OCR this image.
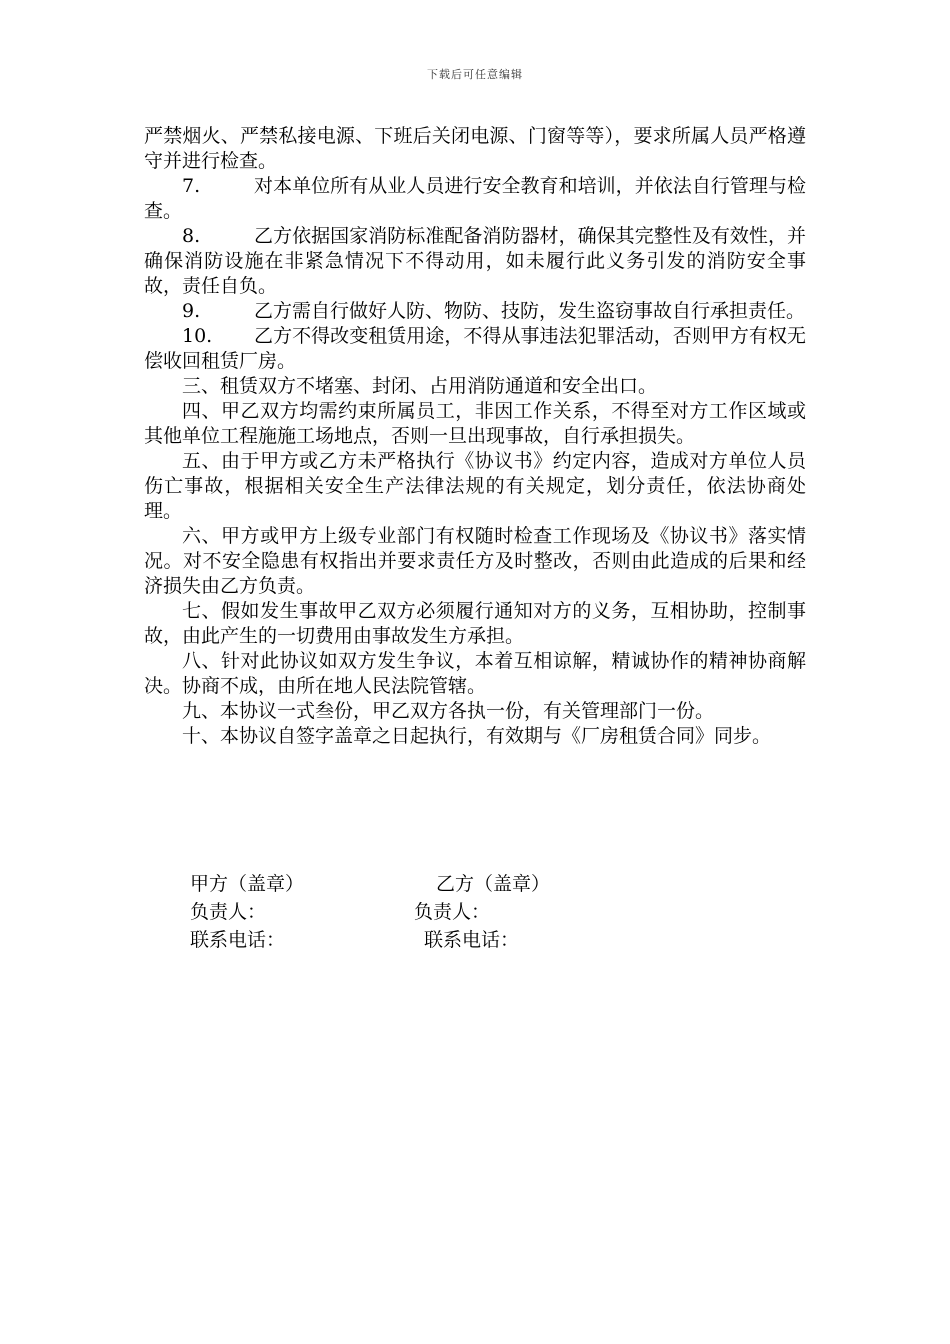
下载后可任意编辑

严禁烟火、严禁私接电源、下班后关闭电源、门窗等等），要求所属人员严格遵守并进行检查。

7.	对本单位所有从业人员进行安全教育和培训，并依法自行管理与检查。

8.	乙方依据国家消防标准配备消防器材，确保其完整性及有效性，并确保消防设施在非紧急情况下不得动用，如未履行此义务引发的消防安全事故，责任自负。

9.	乙方需自行做好人防、物防、技防，发生盗窃事故自行承担责任。

10. 乙方不得改变租赁用途，不得从事违法犯罪活动，否则甲方有权无偿收回租赁厂房。

三、租赁双方不堵塞、封闭、占用消防通道和安全出口。

四、甲乙双方均需约束所属员工，非因工作关系，不得至对方工作区域或其他单位工程施施工场地点，否则一旦出现事故，自行承担损失。

五、由于甲方或乙方未严格执行《协议书》约定内容，造成对方单位人员伤亡事故，根据相关安全生产法律法规的有关规定，划分责任，依法协商处理。

六、甲方或甲方上级专业部门有权随时检查工作现场及《协议书》落实情况。对不安全隐患有权指出并要求责任方及时整改，否则由此造成的后果和经济损失由乙方负责。

七、假如发生事故甲乙双方必须履行通知对方的义务，互相协助，控制事故，由此产生的一切费用由事故发生方承担。

八、针对此协议如双方发生争议，本着互相谅解，精诚协作的精神协商解决。协商不成，由所在地人民法院管辖。

九、本协议一式叁份，甲乙双方各执一份，有关管理部门一份。

十、本协议自签字盖章之日起执行，有效期与《厂房租赁合同》同步。

甲方（盖章）	乙方（盖章）
负责人：	负责人：
联系电话：	联系电话：
